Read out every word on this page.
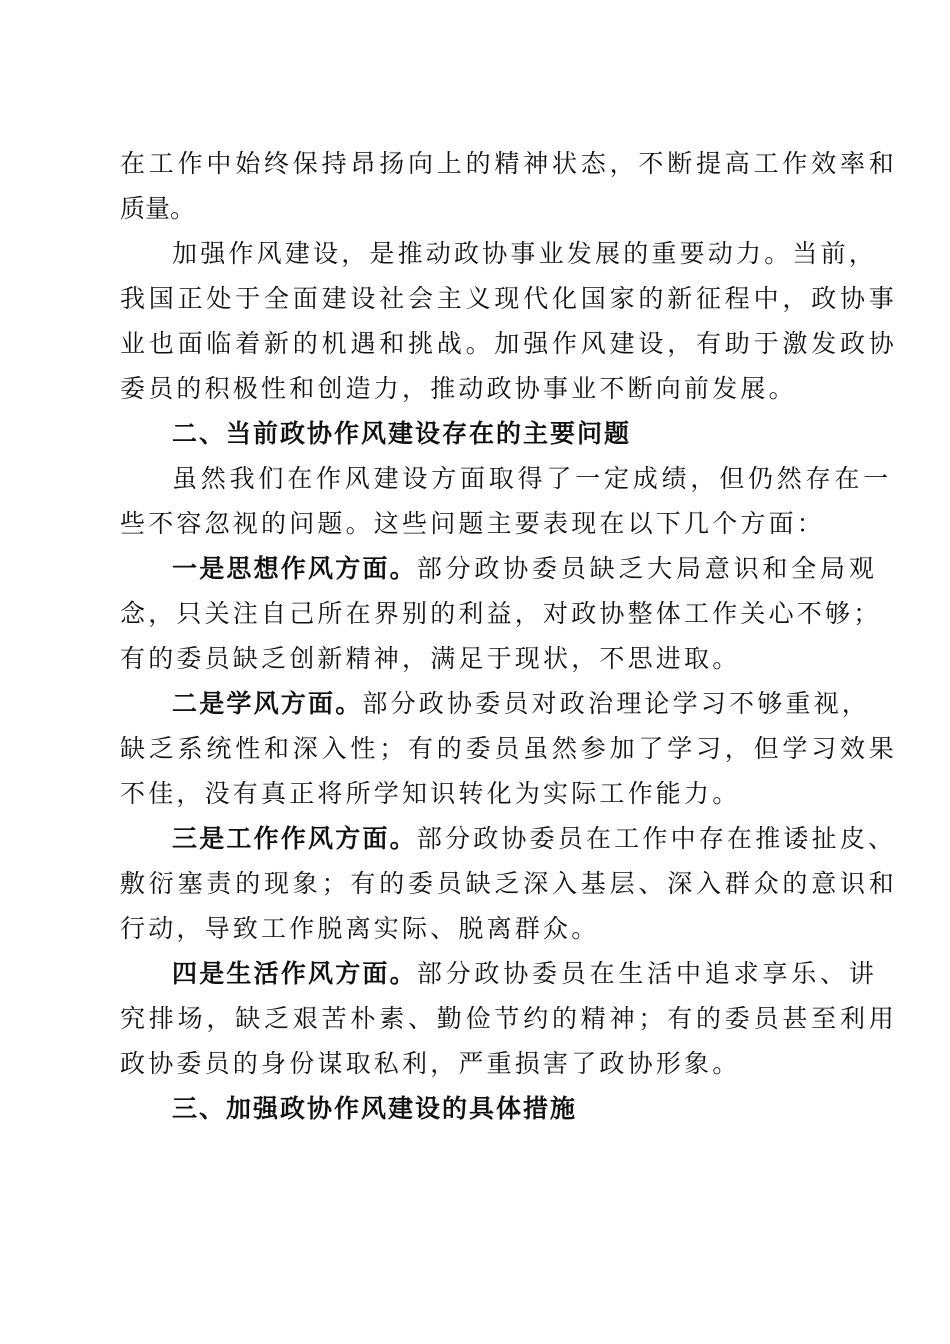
在工作中始终保持昂扬向上的精神状态，不断提高工作效率和
质量。
加强作风建设，是推动政协事业发展的重要动力。当前，
我国正处于全面建设社会主义现代化国家的新征程中，政协事
业也面临着新的机遇和挑战。加强作风建设，有助于激发政协
委员的积极性和创造力，推动政协事业不断向前发展。
二、当前政协作风建设存在的主要问题
虽然我们在作风建设方面取得了一定成绩，但仍然存在一
些不容忽视的问题。这些问题主要表现在以下几个方面：
一是思想作风方面。部分政协委员缺乏大局意识和全局观
念，只关注自己所在界别的利益，对政协整体工作关心不够；
有的委员缺乏创新精神，满足于现状，不思进取。
二是学风方面。部分政协委员对政治理论学习不够重视，
缺乏系统性和深入性；有的委员虽然参加了学习，但学习效果
不佳，没有真正将所学知识转化为实际工作能力。
三是工作作风方面。部分政协委员在工作中存在推诿扯皮、
敷衍塞责的现象；有的委员缺乏深入基层、深入群众的意识和
行动，导致工作脱离实际、脱离群众。
四是生活作风方面。部分政协委员在生活中追求享乐、讲
究排场，缺乏艰苦朴素、勤俭节约的精神；有的委员甚至利用
政协委员的身份谋取私利，严重损害了政协形象。
三、加强政协作风建设的具体措施
